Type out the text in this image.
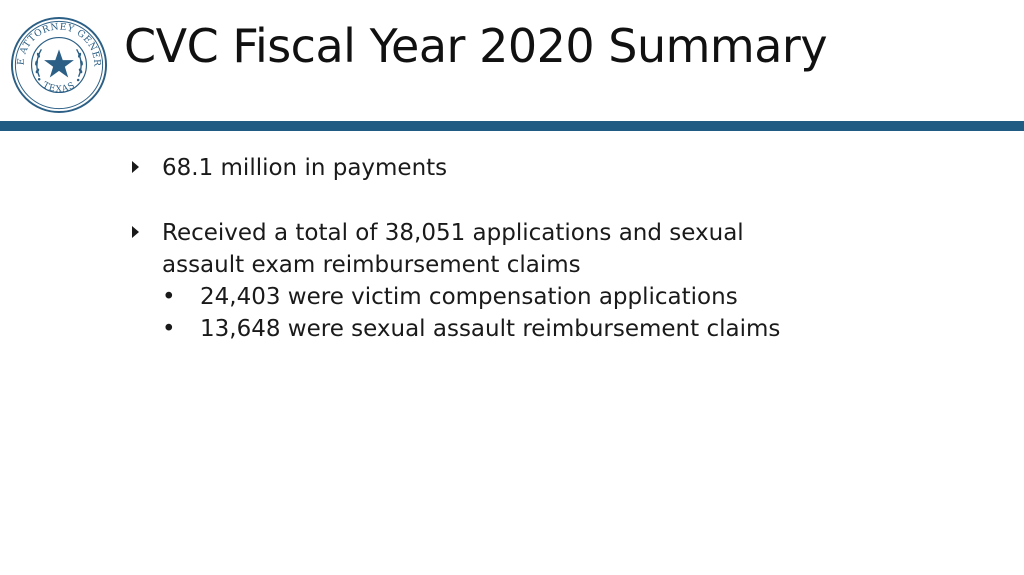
E ATTORNEY GENER
• TEXAS •
CVC Fiscal Year 2020 Summary
68.1 million in payments
Received a total of 38,051 applications and sexual assault exam reimbursement claims
• 24,403 were victim compensation applications
• 13,648 were sexual assault reimbursement claims
